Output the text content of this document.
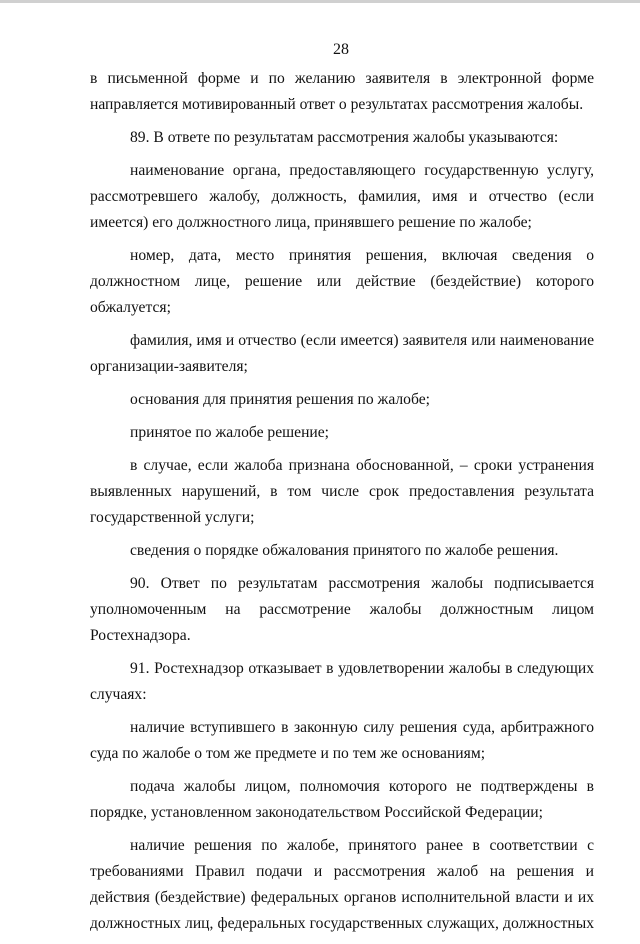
28

в письменной форме и по желанию заявителя в электронной форме направляется мотивированный ответ о результатах рассмотрения жалобы.

89. В ответе по результатам рассмотрения жалобы указываются:

наименование органа, предоставляющего государственную услугу, рассмотревшего жалобу, должность, фамилия, имя и отчество (если имеется) его должностного лица, принявшего решение по жалобе;

номер, дата, место принятия решения, включая сведения о должностном лице, решение или действие (бездействие) которого обжалуется;

фамилия, имя и отчество (если имеется) заявителя или наименование организации-заявителя;

основания для принятия решения по жалобе;

принятое по жалобе решение;

в случае, если жалоба признана обоснованной, – сроки устранения выявленных нарушений, в том числе срок предоставления результата государственной услуги;

сведения о порядке обжалования принятого по жалобе решения.

90. Ответ по результатам рассмотрения жалобы подписывается уполномоченным на рассмотрение жалобы должностным лицом Ростехнадзора.

91. Ростехнадзор отказывает в удовлетворении жалобы в следующих случаях:

наличие вступившего в законную силу решения суда, арбитражного суда по жалобе о том же предмете и по тем же основаниям;

подача жалобы лицом, полномочия которого не подтверждены в порядке, установленном законодательством Российской Федерации;

наличие решения по жалобе, принятого ранее в соответствии с требованиями Правил подачи и рассмотрения жалоб на решения и действия (бездействие) федеральных органов исполнительной власти и их должностных лиц, федеральных государственных служащих, должностных
